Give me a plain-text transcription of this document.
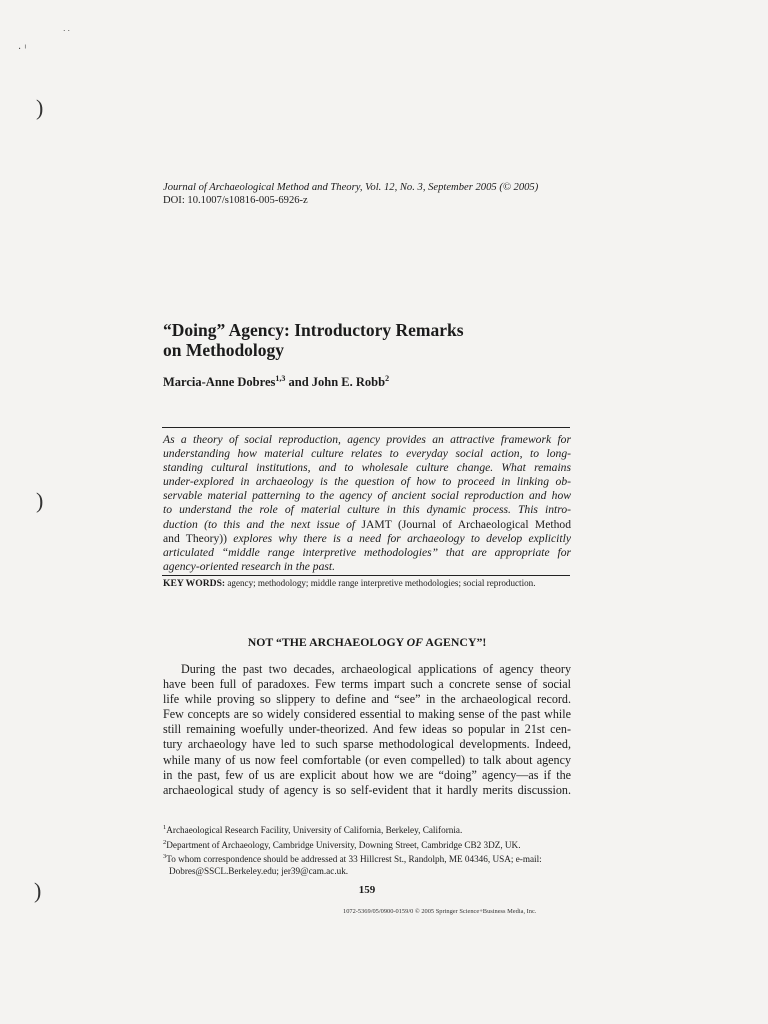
˙˙
· ˡ
)
)
)
Journal of Archaeological Method and Theory, Vol. 12, No. 3, September 2005 (© 2005)
DOI: 10.1007/s10816-005-6926-z
“Doing” Agency: Introductory Remarks
on Methodology
Marcia-Anne Dobres$^{1,3}$ and John E. Robb$^2$
As a theory of social reproduction, agency provides an attractive framework for
understanding how material culture relates to everyday social action, to long-
standing cultural institutions, and to wholesale culture change. What remains
under-explored in archaeology is the question of how to proceed in linking ob-
servable material patterning to the agency of ancient social reproduction and how
to understand the role of material culture in this dynamic process. This intro-
duction (to this and the next issue of JAMT (Journal of Archaeological Method
and Theory)) explores why there is a need for archaeology to develop explicitly
articulated “middle range interpretive methodologies” that are appropriate for
agency-oriented research in the past.
KEY WORDS: agency; methodology; middle range interpretive methodologies; social reproduction.
NOT “THE ARCHAEOLOGY OF AGENCY”!
During the past two decades, archaeological applications of agency theory
have been full of paradoxes. Few terms impart such a concrete sense of social
life while proving so slippery to define and “see” in the archaeological record.
Few concepts are so widely considered essential to making sense of the past while
still remaining woefully under-theorized. And few ideas so popular in 21st cen-
tury archaeology have led to such sparse methodological developments. Indeed,
while many of us now feel comfortable (or even compelled) to talk about agency
in the past, few of us are explicit about how we are “doing” agency—as if the
archaeological study of agency is so self-evident that it hardly merits discussion.
$^1$Archaeological Research Facility, University of California, Berkeley, California.
$^2$Department of Archaeology, Cambridge University, Downing Street, Cambridge CB2 3DZ, UK.
$^3$To whom correspondence should be addressed at 33 Hillcrest St., Randolph, ME 04346, USA; e-mail:
Dobres@SSCL.Berkeley.edu; jer39@cam.ac.uk.
159
1072-5369/05/0900-0159/0 © 2005 Springer Science+Business Media, Inc.
